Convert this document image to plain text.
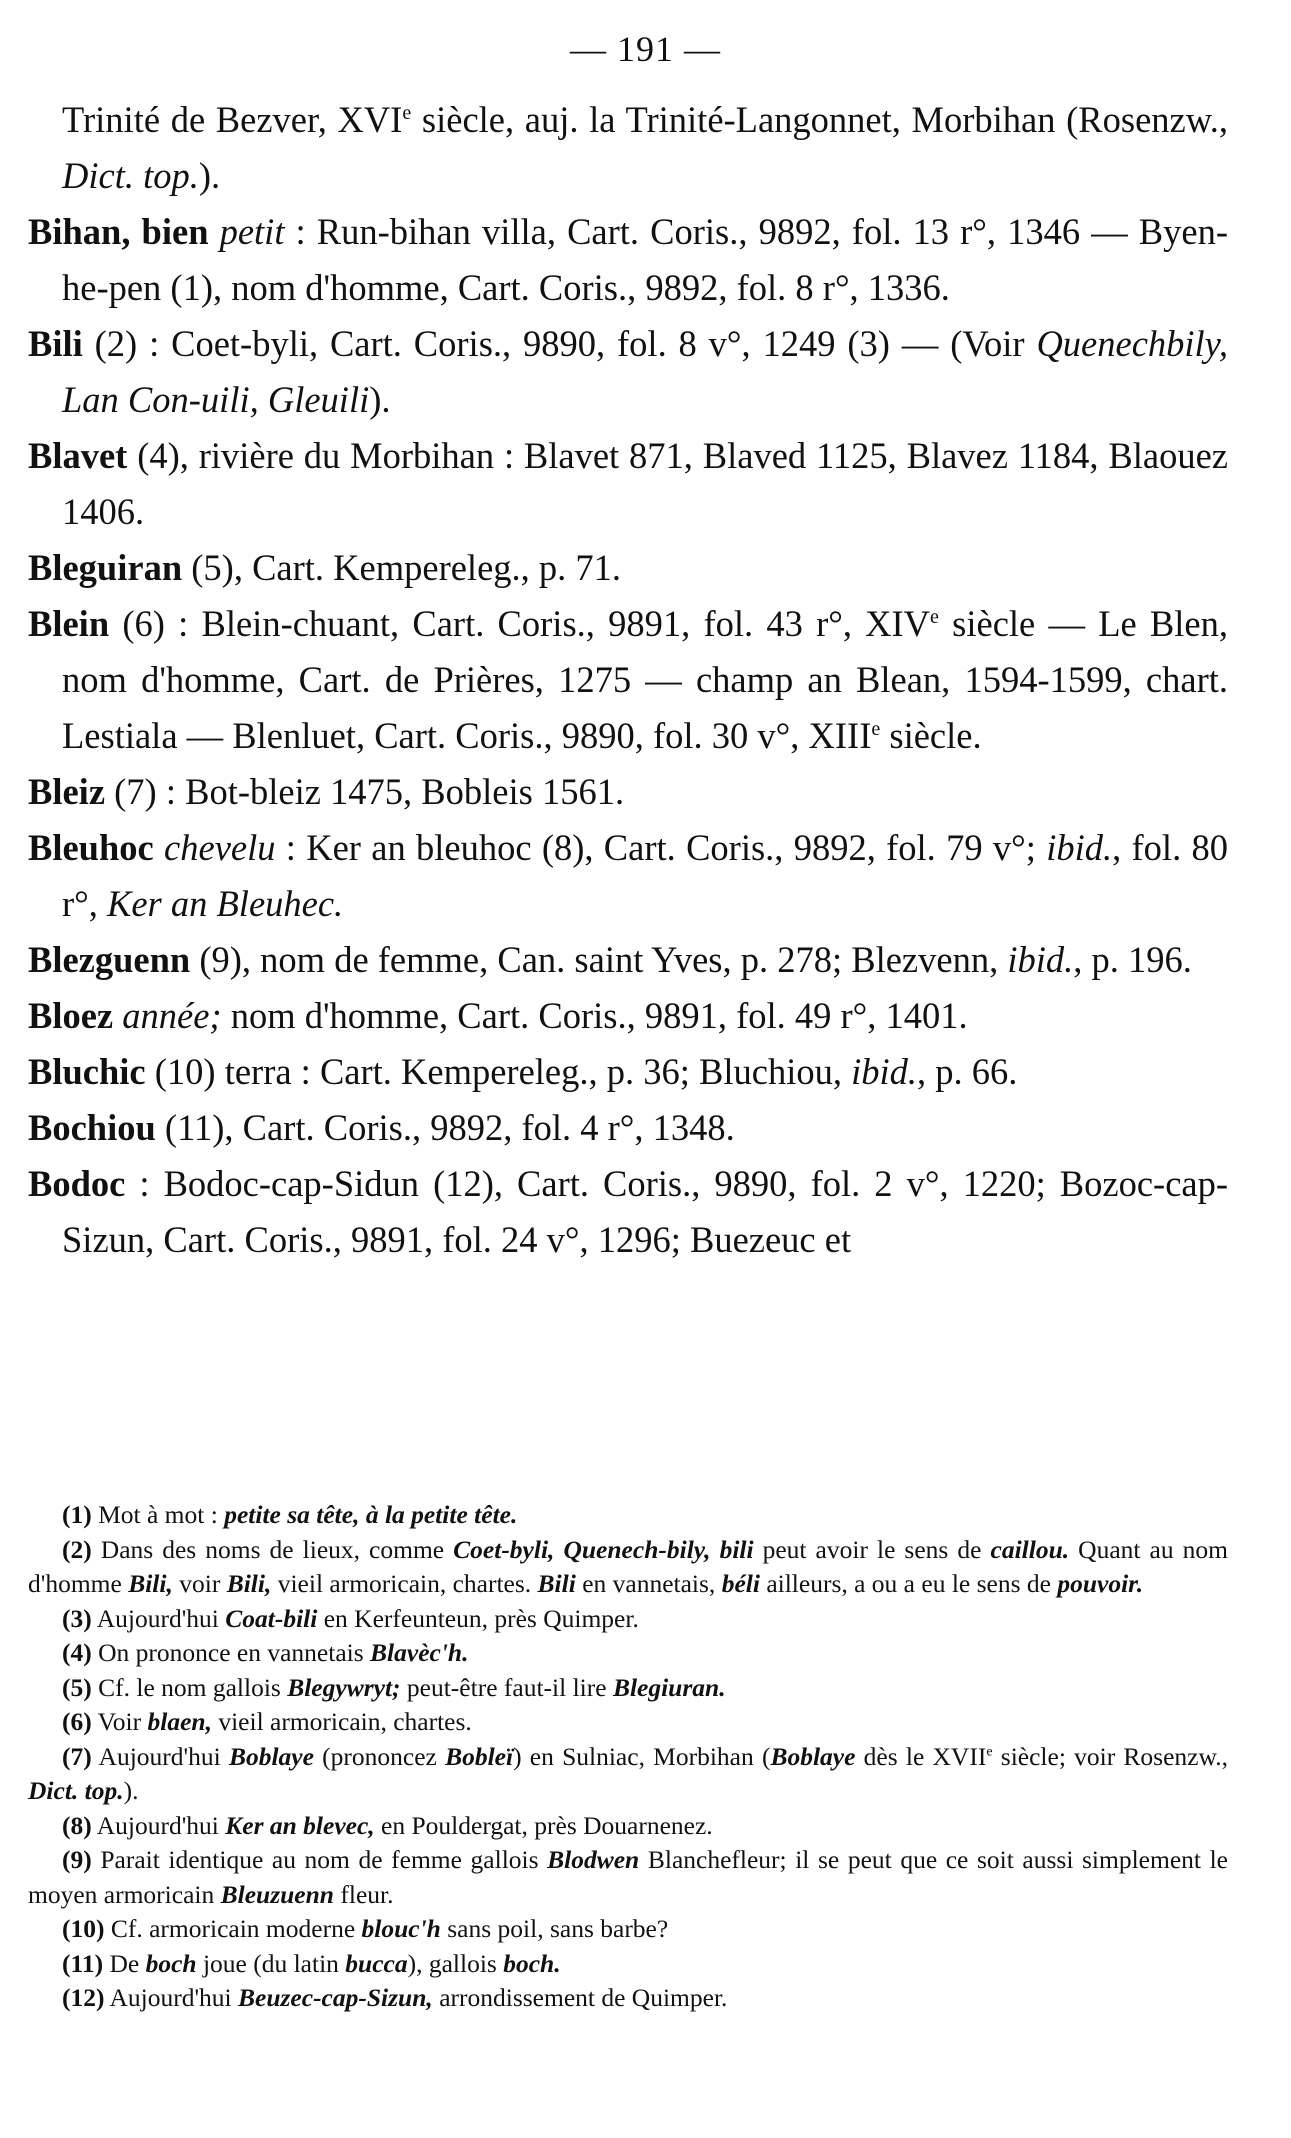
— 191 —

Trinité de Bezver, XVIe siècle, auj. la Trinité-Langonnet, Morbihan (Rosenzw., Dict. top.).

Bihan, bien petit : Run-bihan villa, Cart. Coris., 9892, fol. 13 r°, 1346 — Byen-he-pen (1), nom d'homme, Cart. Coris., 9892, fol. 8 r°, 1336.

Bili (2) : Coet-byli, Cart. Coris., 9890, fol. 8 v°, 1249 (3) — (Voir Quenechbily, Lan Con-uili, Gleuili).

Blavet (4), rivière du Morbihan : Blavet 871, Blaved 1125, Blavez 1184, Blaouez 1406.

Bleguiran (5), Cart. Kempereleg., p. 71.

Blein (6) : Blein-chuant, Cart. Coris., 9891, fol. 43 r°, XIVe siècle — Le Blen, nom d'homme, Cart. de Prières, 1275 — champ an Blean, 1594-1599, chart. Lestiala — Blenluet, Cart. Coris., 9890, fol. 30 v°, XIIIe siècle.

Bleiz (7) : Bot-bleiz 1475, Bobleis 1561.

Bleuhoc chevelu : Ker an bleuhoc (8), Cart. Coris., 9892, fol. 79 v°; ibid., fol. 80 r°, Ker an Bleuhec.

Blezguenn (9), nom de femme, Can. saint Yves, p. 278; Blezvenn, ibid., p. 196.

Bloez année; nom d'homme, Cart. Coris., 9891, fol. 49 r°, 1401.

Bluchic (10) terra : Cart. Kempereleg., p. 36; Bluchiou, ibid., p. 66.

Bochiou (11), Cart. Coris., 9892, fol. 4 r°, 1348.

Bodoc : Bodoc-cap-Sidun (12), Cart. Coris., 9890, fol. 2 v°, 1220; Bozoc-cap-Sizun, Cart. Coris., 9891, fol. 24 v°, 1296; Buezeuc et

(1) Mot à mot : petite sa tête, à la petite tête.

(2) Dans des noms de lieux, comme Coet-byli, Quenech-bily, bili peut avoir le sens de caillou. Quant au nom d'homme Bili, voir Bili, vieil armoricain, chartes. Bili en vannetais, béli ailleurs, a ou a eu le sens de pouvoir.

(3) Aujourd'hui Coat-bili en Kerfeunteun, près Quimper.

(4) On prononce en vannetais Blavèc'h.

(5) Cf. le nom gallois Blegywryt; peut-être faut-il lire Blegiuran.

(6) Voir blaen, vieil armoricain, chartes.

(7) Aujourd'hui Boblaye (prononcez Bobleï) en Sulniac, Morbihan (Boblaye dès le XVIIe siècle; voir Rosenzw., Dict. top.).

(8) Aujourd'hui Ker an blevec, en Pouldergat, près Douarnenez.

(9) Parait identique au nom de femme gallois Blodwen Blanchefleur; il se peut que ce soit aussi simplement le moyen armoricain Bleuzuenn fleur.

(10) Cf. armoricain moderne blouc'h sans poil, sans barbe?

(11) De boch joue (du latin bucca), gallois boch.

(12) Aujourd'hui Beuzec-cap-Sizun, arrondissement de Quimper.
